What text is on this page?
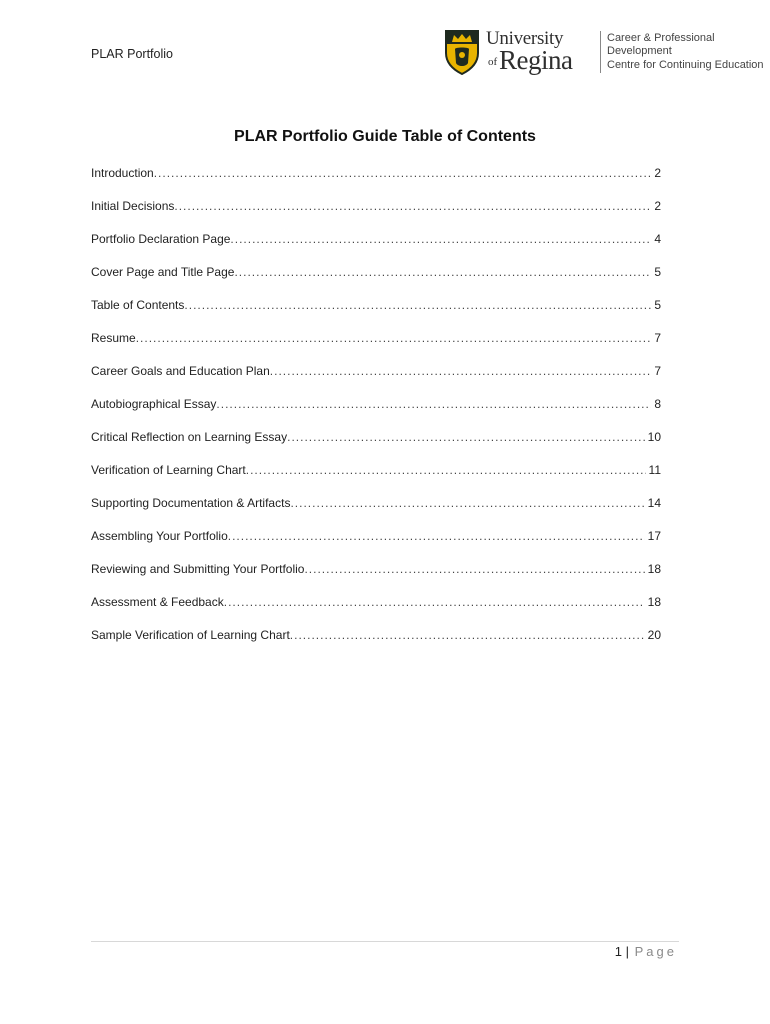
PLAR Portfolio
University
of Regina
Career & Professional
Development
Centre for Continuing Education
PLAR Portfolio Guide Table of Contents
Introduction .....	2
Initial Decisions .....	2
Portfolio Declaration Page .....	4
Cover Page and Title Page .....	5
Table of Contents .....	5
Resume .....	7
Career Goals and Education Plan .....	7
Autobiographical Essay .....	8
Critical Reflection on Learning Essay .....	10
Verification of Learning Chart .....	11
Supporting Documentation & Artifacts .....	14
Assembling Your Portfolio .....	17
Reviewing and Submitting Your Portfolio .....	18
Assessment & Feedback .....	18
Sample Verification of Learning Chart .....	20
1 | Page
